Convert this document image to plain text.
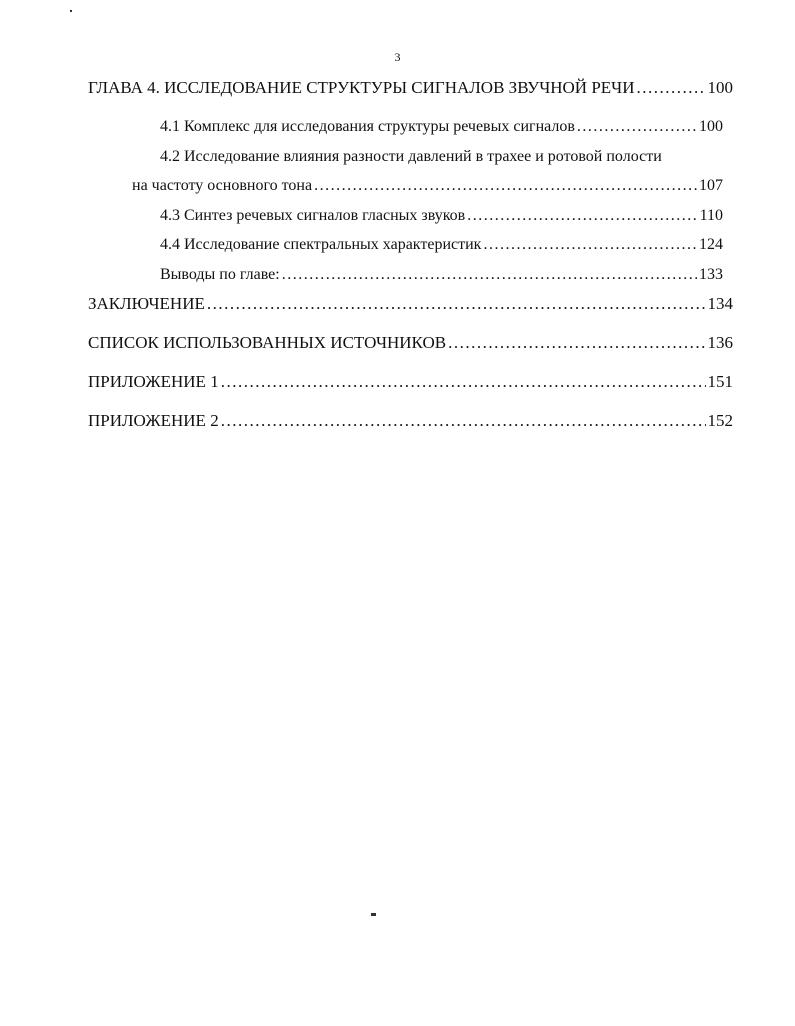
3
ГЛАВА 4. ИССЛЕДОВАНИЕ СТРУКТУРЫ СИГНАЛОВ ЗВУЧНОЙ РЕЧИ .....	100
4.1 Комплекс для исследования структуры речевых сигналов .....	100
4.2 Исследование влияния разности давлений в трахее и ротовой полости
на частоту основного тона .....	107
4.3 Синтез речевых сигналов гласных звуков .....	110
4.4 Исследование спектральных характеристик .....	124
Выводы по главе: .....	133
ЗАКЛЮЧЕНИЕ .....	134
СПИСОК ИСПОЛЬЗОВАННЫХ ИСТОЧНИКОВ .....	136
ПРИЛОЖЕНИЕ 1 .....	151
ПРИЛОЖЕНИЕ 2 .....	152
